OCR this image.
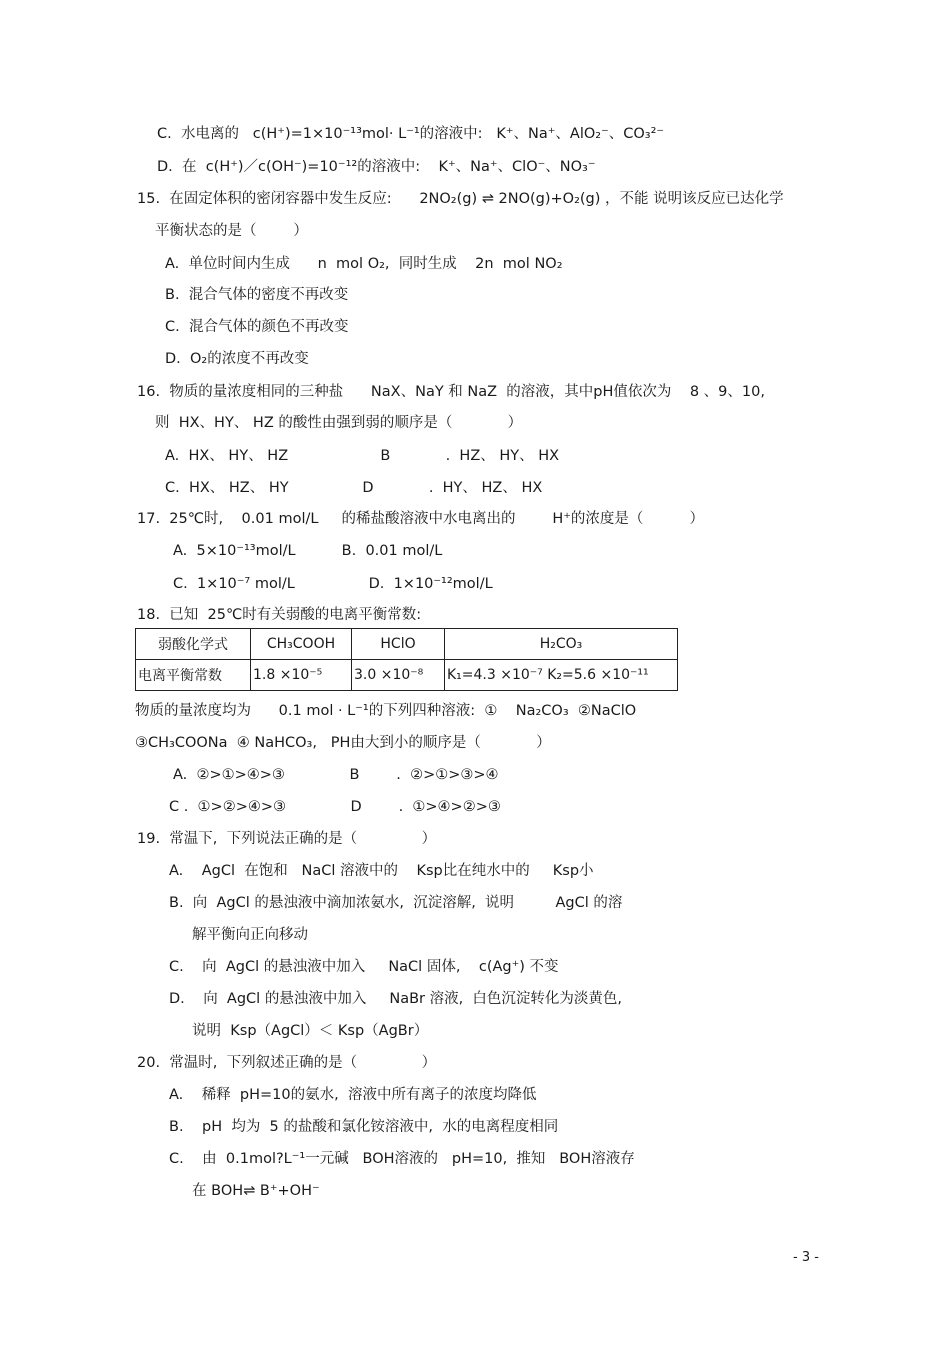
C.  水电离的   c(H⁺)=1×10⁻¹³mol· L⁻¹的溶液中:   K⁺、Na⁺、AlO₂⁻、CO₃²⁻
D.  在  c(H⁺)／c(OH⁻)=10⁻¹²的溶液中:    K⁺、Na⁺、ClO⁻、NO₃⁻
15.  在固定体积的密闭容器中发生反应:      2NO₂(g) ⇌ 2NO(g)+O₂(g) ，不能 说明该反应已达化学
平衡状态的是（        ）
A.  单位时间内生成      n  mol O₂,  同时生成    2n  mol NO₂
B.  混合气体的密度不再改变
C.  混合气体的颜色不再改变
D.  O₂的浓度不再改变
16.  物质的量浓度相同的三种盐      NaX、NaY 和 NaZ  的溶液，其中pH值依次为    8 、9、10,
则  HX、HY、 HZ 的酸性由强到弱的顺序是（            ）
A.  HX、 HY、 HZ                    B            .  HZ、 HY、 HX
C.  HX、 HZ、 HY                D            .  HY、 HZ、 HX
17.  25℃时,    0.01 mol/L     的稀盐酸溶液中水电离出的        H⁺的浓度是（          ）
A.  5×10⁻¹³mol/L          B.  0.01 mol/L
C.  1×10⁻⁷ mol/L                D.  1×10⁻¹²mol/L
18.  已知  25℃时有关弱酸的电离平衡常数:
弱酸化学式	CH₃COOH	HClO	H₂CO₃
电离平衡常数	1.8 ×10⁻⁵	3.0 ×10⁻⁸	K₁=4.3 ×10⁻⁷ K₂=5.6 ×10⁻¹¹
物质的量浓度均为      0.1 mol · L⁻¹的下列四种溶液:  ①    Na₂CO₃  ②NaClO
③CH₃COONa  ④ NaHCO₃,   PH由大到小的顺序是（            ）
A.  ②>①>④>③              B        .  ②>①>③>④
C .  ①>②>④>③              D        .  ①>④>②>③
19.  常温下,  下列说法正确的是（              ）
A.    AgCl  在饱和   NaCl 溶液中的    Ksp比在纯水中的     Ksp小
B.  向  AgCl 的悬浊液中滴加浓氨水,  沉淀溶解,  说明         AgCl 的溶
解平衡向正向移动
C.    向  AgCl 的悬浊液中加入     NaCl 固体,    c(Ag⁺) 不变
D.    向  AgCl 的悬浊液中加入     NaBr 溶液,  白色沉淀转化为淡黄色,
说明  Ksp（AgCl）＜ Ksp（AgBr）
20.  常温时,  下列叙述正确的是（              ）
A.    稀释  pH=10的氨水,  溶液中所有离子的浓度均降低
B.    pH  均为  5 的盐酸和氯化铵溶液中,  水的电离程度相同
C.    由  0.1mol?L⁻¹一元碱   BOH溶液的   pH=10,  推知   BOH溶液存
在 BOH⇌ B⁺+OH⁻
- 3 -
